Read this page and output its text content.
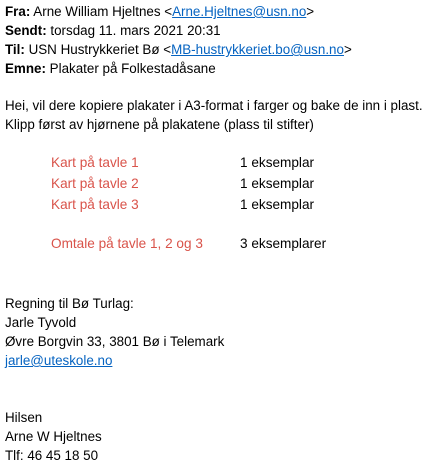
Fra: Arne William Hjeltnes <Arne.Hjeltnes@usn.no>
Sendt: torsdag 11. mars 2021 20:31
Til: USN Hustrykkeriet Bø <MB-hustrykkeriet.bo@usn.no>
Emne: Plakater på Folkestadåsane
Hei, vil dere kopiere plakater i A3-format i farger og bake de inn i plast.
Klipp først av hjørnene på plakatene (plass til stifter)
Kart på tavle 1	1 eksemplar
Kart på tavle 2	1 eksemplar
Kart på tavle 3	1 eksemplar
Omtale på tavle 1, 2 og 3	3 eksemplarer
Regning til Bø Turlag:
Jarle Tyvold
Øvre Borgvin 33, 3801 Bø i Telemark
jarle@uteskole.no
Hilsen
Arne W Hjeltnes
Tlf: 46 45 18 50
